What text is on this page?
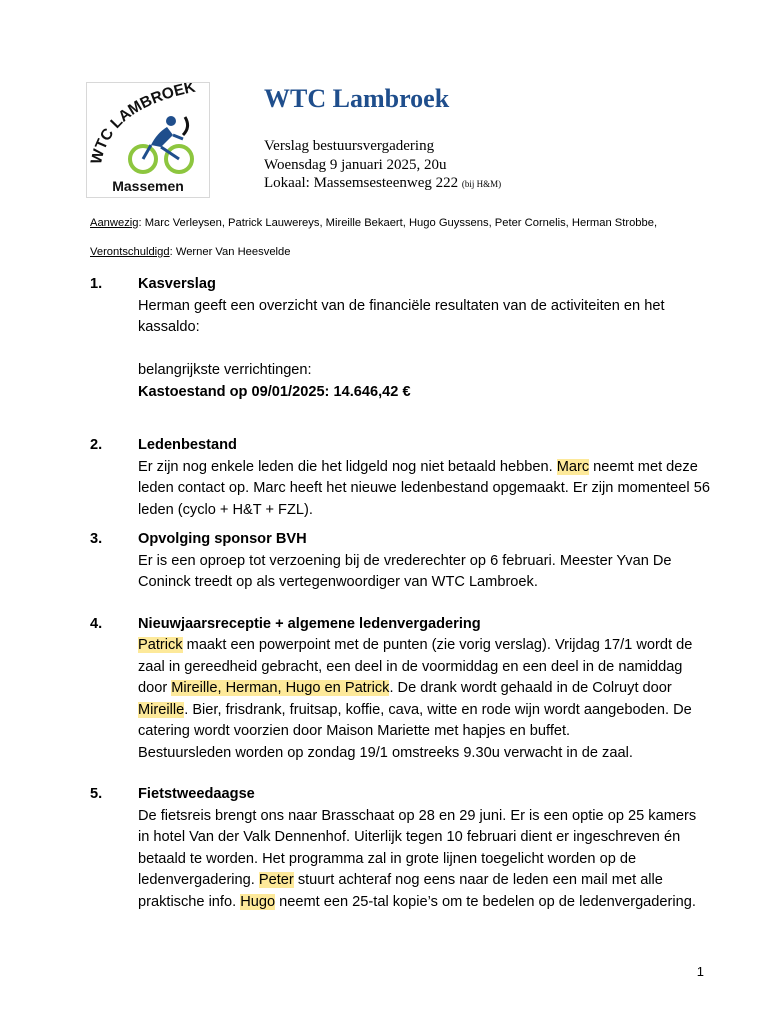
WTC LAMBROEK
Massemen
WTC Lambroek
Verslag bestuursvergadering
Woensdag 9 januari 2025, 20u
Lokaal: Massemsesteenweg 222 (bij H&M)
Aanwezig: Marc Verleysen, Patrick Lauwereys, Mireille Bekaert, Hugo Guyssens, Peter Cornelis, Herman Strobbe,
Verontschuldigd: Werner Van Heesvelde
1. Kasverslag
Herman geeft een overzicht van de financiële resultaten van de activiteiten en het kassaldo:
belangrijkste verrichtingen:
Kastoestand op 09/01/2025: 14.646,42 €
2. Ledenbestand
Er zijn nog enkele leden die het lidgeld nog niet betaald hebben. Marc neemt met deze leden contact op. Marc heeft het nieuwe ledenbestand opgemaakt. Er zijn momenteel 56 leden (cyclo + H&T + FZL).
3. Opvolging sponsor BVH
Er is een oproep tot verzoening bij de vrederechter op 6 februari. Meester Yvan De Coninck treedt op als vertegenwoordiger van WTC Lambroek.
4. Nieuwjaarsreceptie + algemene ledenvergadering
Patrick maakt een powerpoint met de punten (zie vorig verslag). Vrijdag 17/1 wordt de zaal in gereedheid gebracht, een deel in de voormiddag en een deel in de namiddag door Mireille, Herman, Hugo en Patrick. De drank wordt gehaald in de Colruyt door Mireille. Bier, frisdrank, fruitsap, koffie, cava, witte en rode wijn wordt aangeboden. De catering wordt voorzien door Maison Mariette met hapjes en buffet.
Bestuursleden worden op zondag 19/1 omstreeks 9.30u verwacht in de zaal.
5. Fietstweedaagse
De fietsreis brengt ons naar Brasschaat op 28 en 29 juni. Er is een optie op 25 kamers in hotel Van der Valk Dennenhof. Uiterlijk tegen 10 februari dient er ingeschreven én betaald te worden. Het programma zal in grote lijnen toegelicht worden op de ledenvergadering. Peter stuurt achteraf nog eens naar de leden een mail met alle praktische info. Hugo neemt een 25-tal kopie’s om te bedelen op de ledenvergadering.
1
